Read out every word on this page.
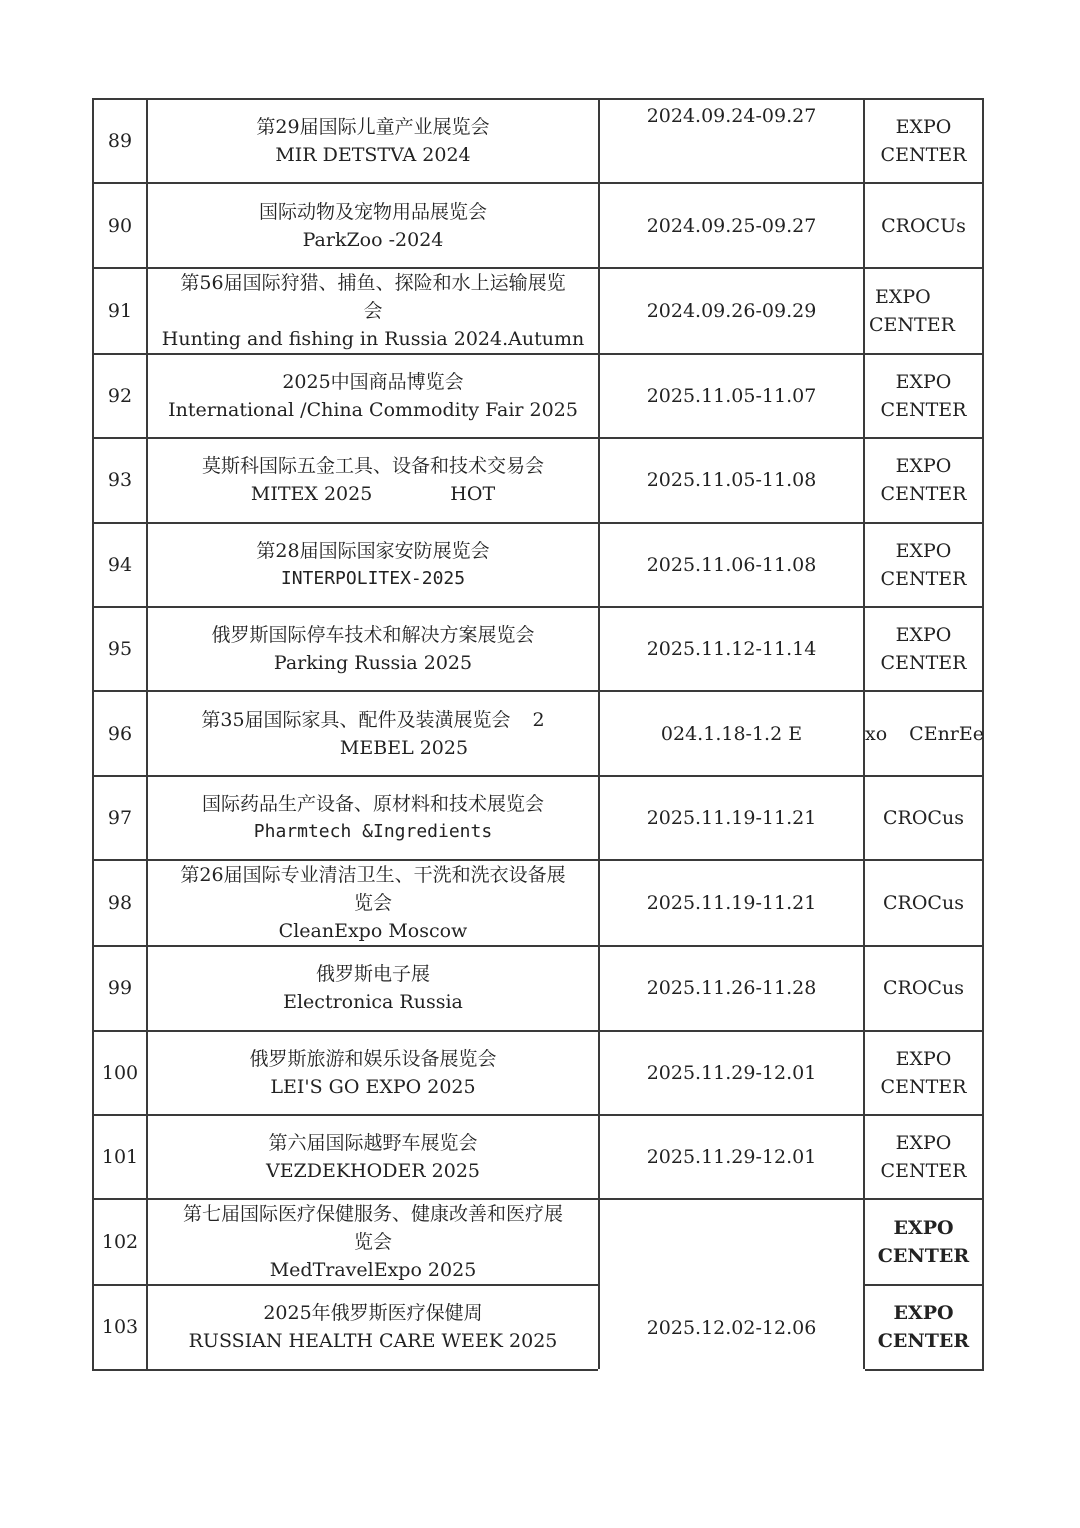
89	第29届国际儿童产业展览会
MIR DETSTVA 2024	2024.09.24-09.27	EXPO
CENTER

90	国际动物及宠物用品展览会
ParkZoo -2024	2024.09.25-09.27	CROCUs

91	第56届国际狩猎、捕鱼、探险和水上运输展览
会
Hunting and fishing in Russia 2024.Autumn	2024.09.26-09.29	EXPO
CENTER

92	2025中国商品博览会
International /China Commodity Fair 2025	2025.11.05-11.07	EXPO
CENTER

93	莫斯科国际五金工具、设备和技术交易会
MITEX 2025 HOT	2025.11.05-11.08	EXPO
CENTER

94	第28届国际国家安防展览会
INTERPOLITEX-2025	2025.11.06-11.08	EXPO
CENTER

95	俄罗斯国际停车技术和解决方案展览会
Parking Russia 2025	2025.11.12-11.14	EXPO
CENTER

96	第35届国际家具、配件及装潢展览会 2
MEBEL 2025	024.1.18-1.2 E	xo CEnrEe
97	国际药品生产设备、原材料和技术展览会
Pharmtech &Ingredients	2025.11.19-11.21	CROCus

98	第26届国际专业清洁卫生、干洗和洗衣设备展
览会
CleanExpo Moscow	2025.11.19-11.21	CROCus

99	俄罗斯电子展
Electronica Russia	2025.11.26-11.28	CROCus

100	俄罗斯旅游和娱乐设备展览会
LEI'S GO EXPO 2025	2025.11.29-12.01	EXPO
CENTER

101	第六届国际越野车展览会
VEZDEKHODER 2025	2025.11.29-12.01	EXPO
CENTER

102	第七届国际医疗保健服务、健康改善和医疗展
览会
MedTravelExpo 2025	2025.12.02-12.06	EXPO
CENTER

103	2025年俄罗斯医疗保健周
RUSSIAN HEALTH CARE WEEK 2025		EXPO
CENTER
